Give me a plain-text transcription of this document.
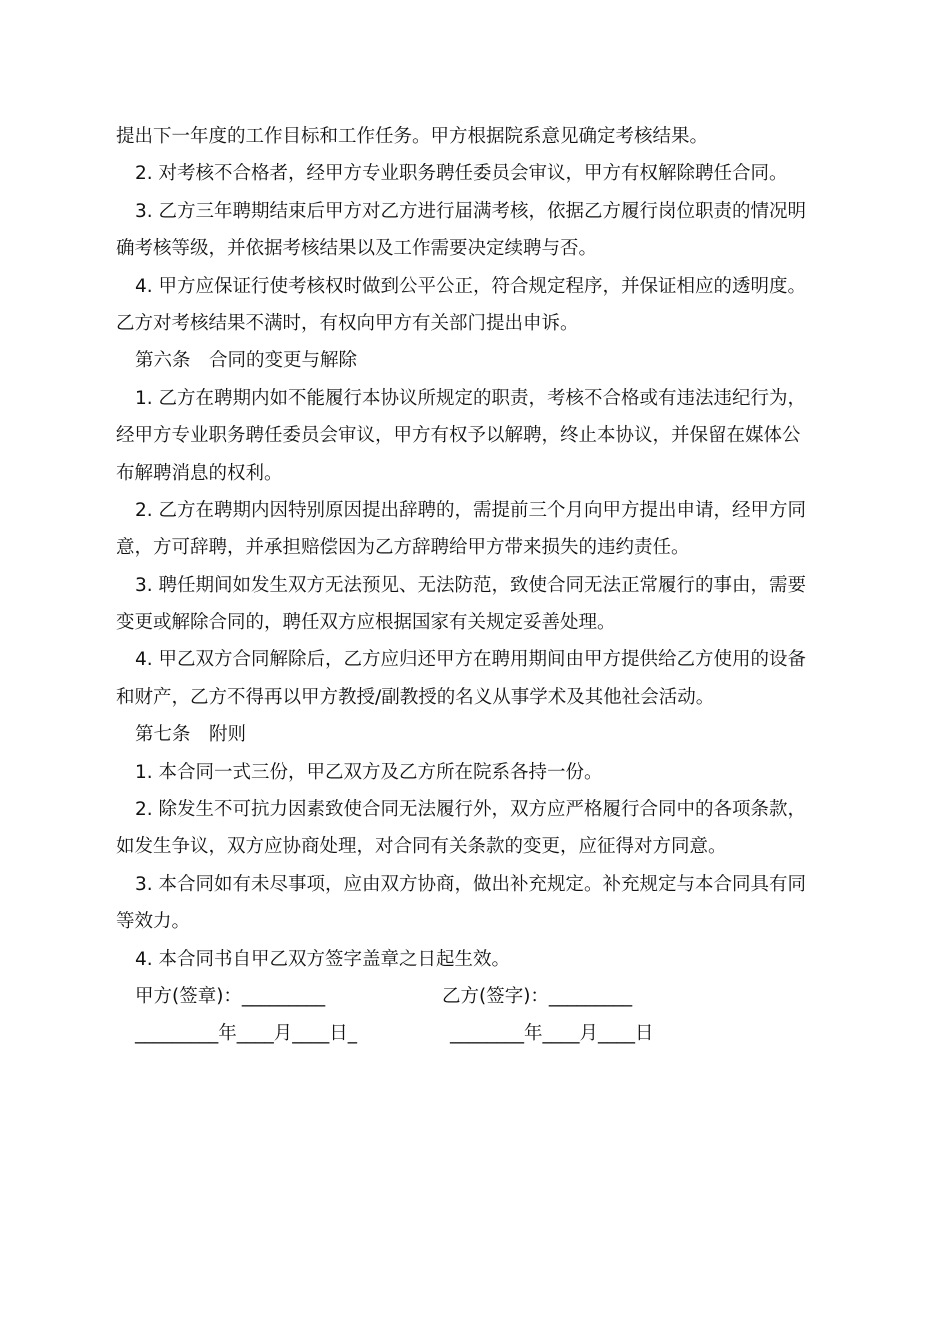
提出下一年度的工作目标和工作任务。甲方根据院系意见确定考核结果。
2. 对考核不合格者，经甲方专业职务聘任委员会审议，甲方有权解除聘任合同。
3. 乙方三年聘期结束后甲方对乙方进行届满考核，依据乙方履行岗位职责的情况明
确考核等级，并依据考核结果以及工作需要决定续聘与否。
4. 甲方应保证行使考核权时做到公平公正，符合规定程序，并保证相应的透明度。
乙方对考核结果不满时，有权向甲方有关部门提出申诉。
第六条　合同的变更与解除
1. 乙方在聘期内如不能履行本协议所规定的职责，考核不合格或有违法违纪行为，
经甲方专业职务聘任委员会审议，甲方有权予以解聘，终止本协议，并保留在媒体公
布解聘消息的权利。
2. 乙方在聘期内因特别原因提出辞聘的，需提前三个月向甲方提出申请，经甲方同
意，方可辞聘，并承担赔偿因为乙方辞聘给甲方带来损失的违约责任。
3. 聘任期间如发生双方无法预见、无法防范，致使合同无法正常履行的事由，需要
变更或解除合同的，聘任双方应根据国家有关规定妥善处理。
4. 甲乙双方合同解除后，乙方应归还甲方在聘用期间由甲方提供给乙方使用的设备
和财产，乙方不得再以甲方教授/副教授的名义从事学术及其他社会活动。
第七条　附则
1. 本合同一式三份，甲乙双方及乙方所在院系各持一份。
2. 除发生不可抗力因素致使合同无法履行外，双方应严格履行合同中的各项条款，
如发生争议，双方应协商处理，对合同有关条款的变更，应征得对方同意。
3. 本合同如有未尽事项，应由双方协商，做出补充规定。补充规定与本合同具有同
等效力。
4. 本合同书自甲乙双方签字盖章之日起生效。

甲方(签章)：_________

	乙方(签字)：_________

_________年____月____日_

	________年____月____日
